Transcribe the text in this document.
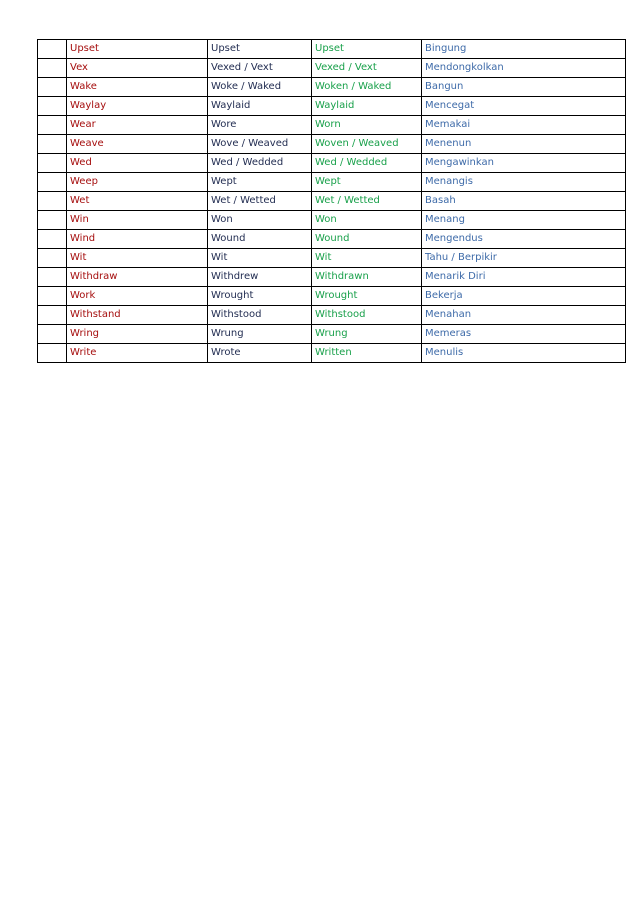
	Upset	Upset	Upset	Bingung
	Vex	Vexed / Vext	Vexed / Vext	Mendongkolkan
	Wake	Woke / Waked	Woken / Waked	Bangun
	Waylay	Waylaid	Waylaid	Mencegat
	Wear	Wore	Worn	Memakai
	Weave	Wove / Weaved	Woven / Weaved	Menenun
	Wed	Wed / Wedded	Wed / Wedded	Mengawinkan
	Weep	Wept	Wept	Menangis
	Wet	Wet / Wetted	Wet / Wetted	Basah
	Win	Won	Won	Menang
	Wind	Wound	Wound	Mengendus
	Wit	Wit	Wit	Tahu / Berpikir
	Withdraw	Withdrew	Withdrawn	Menarik Diri
	Work	Wrought	Wrought	Bekerja
	Withstand	Withstood	Withstood	Menahan
	Wring	Wrung	Wrung	Memeras
	Write	Wrote	Written	Menulis
